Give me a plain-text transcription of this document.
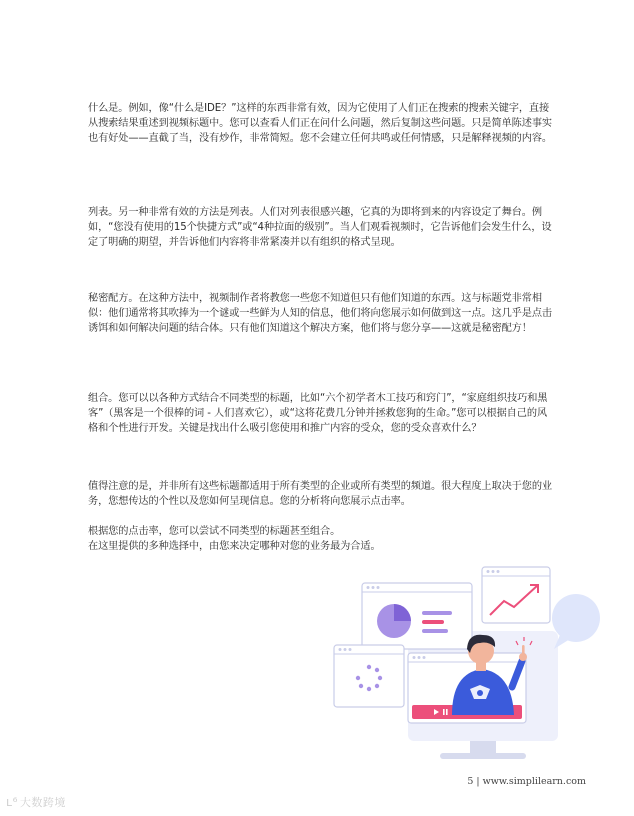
什么是。例如，像“什么是IDE？”这样的东西非常有效，因为它使用了人们正在搜索的搜索关键字，直接从搜索结果重述到视频标题中。您可以查看人们正在问什么问题，然后复制这些问题。只是简单陈述事实也有好处——直截了当，没有炒作，非常简短。您不会建立任何共鸣或任何情感，只是解释视频的内容。

列表。另一种非常有效的方法是列表。人们对列表很感兴趣，它真的为即将到来的内容设定了舞台。例如，“您没有使用的15个快捷方式”或“4种拉面的级别”。当人们观看视频时，它告诉他们会发生什么，设定了明确的期望，并告诉他们内容将非常紧凑并以有组织的格式呈现。

秘密配方。在这种方法中，视频制作者将教您一些您不知道但只有他们知道的东西。这与标题党非常相似：他们通常将其吹捧为一个谜或一些鲜为人知的信息，他们将向您展示如何做到这一点。这几乎是点击诱饵和如何解决问题的结合体。只有他们知道这个解决方案，他们将与您分享——这就是秘密配方！

组合。您可以以各种方式结合不同类型的标题，比如“六个初学者木工技巧和窍门”，“家庭组织技巧和黑客”（黑客是一个很棒的词 - 人们喜欢它），或“这将花费几分钟并拯救您狗的生命。”您可以根据自己的风格和个性进行开发。关键是找出什么吸引您使用和推广内容的受众，您的受众喜欢什么？

值得注意的是，并非所有这些标题都适用于所有类型的企业或所有类型的频道。很大程度上取决于您的业务，您想传达的个性以及您如何呈现信息。您的分析将向您展示点击率。

根据您的点击率，您可以尝试不同类型的标题甚至组合。
在这里提供的多种选择中，由您来决定哪种对您的业务最为合适。

5 | www.simplilearn.com
ʟ⁶ 大数跨境
